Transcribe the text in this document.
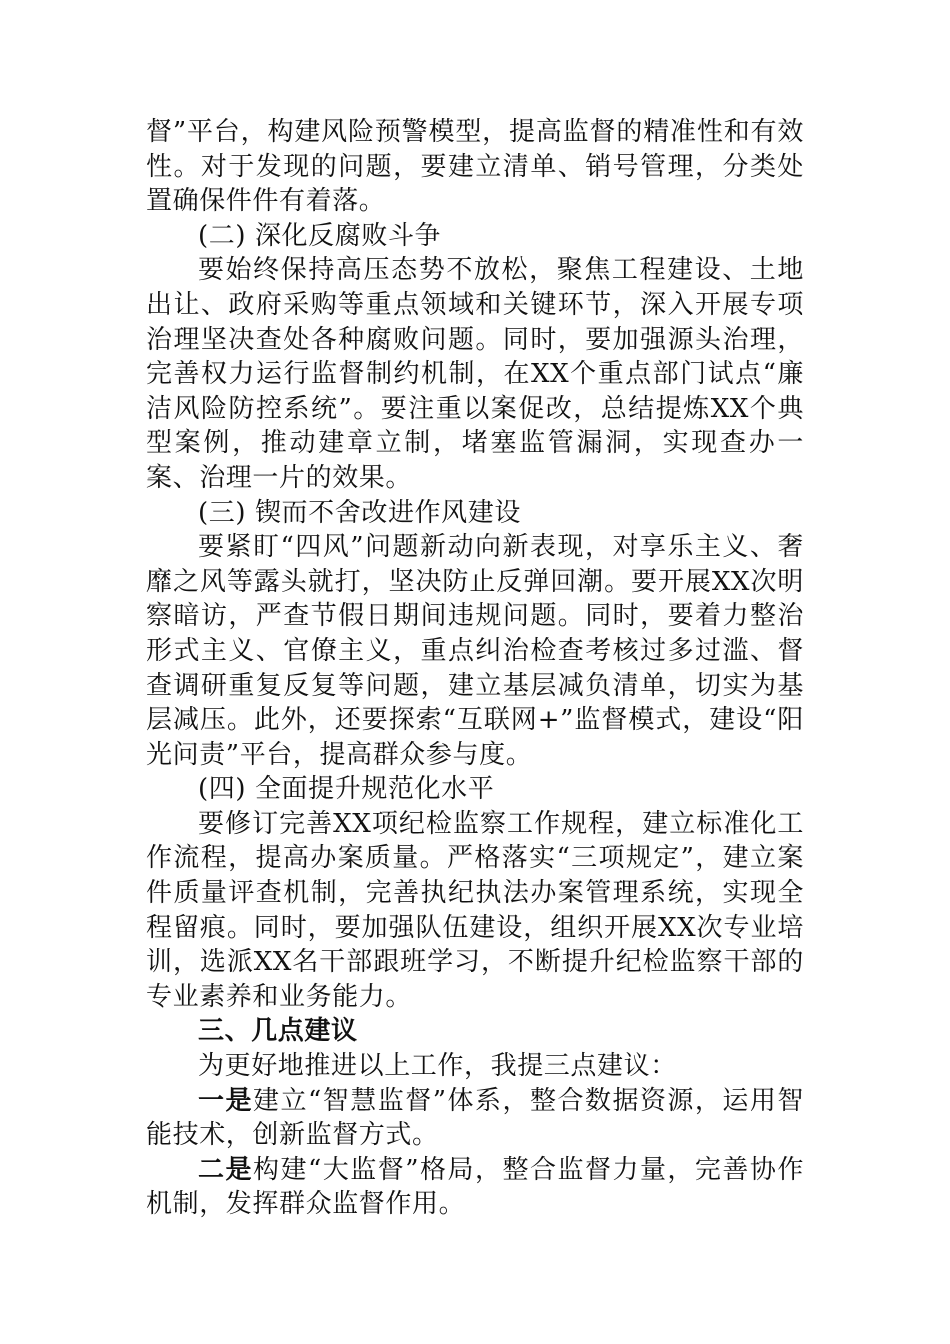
督”平台，构建风险预警模型，提高监督的精准性和有效性。对于发现的问题，要建立清单、销号管理，分类处置确保件件有着落。

(二) 深化反腐败斗争

要始终保持高压态势不放松，聚焦工程建设、土地出让、政府采购等重点领域和关键环节，深入开展专项治理坚决查处各种腐败问题。同时，要加强源头治理，完善权力运行监督制约机制，在XX个重点部门试点“廉洁风险防控系统”。要注重以案促改，总结提炼XX个典型案例，推动建章立制，堵塞监管漏洞，实现查办一案、治理一片的效果。

(三) 锲而不舍改进作风建设

要紧盯“四风”问题新动向新表现，对享乐主义、奢靡之风等露头就打，坚决防止反弹回潮。要开展XX次明察暗访，严查节假日期间违规问题。同时，要着力整治形式主义、官僚主义，重点纠治检查考核过多过滥、督查调研重复反复等问题，建立基层减负清单，切实为基层减压。此外，还要探索“互联网+”监督模式，建设“阳光问责”平台，提高群众参与度。

(四) 全面提升规范化水平

要修订完善XX项纪检监察工作规程，建立标准化工作流程，提高办案质量。严格落实“三项规定”，建立案件质量评查机制，完善执纪执法办案管理系统，实现全程留痕。同时，要加强队伍建设，组织开展XX次专业培训，选派XX名干部跟班学习，不断提升纪检监察干部的专业素养和业务能力。

三、几点建议

为更好地推进以上工作，我提三点建议：

一是建立“智慧监督”体系，整合数据资源，运用智能技术，创新监督方式。

二是构建“大监督”格局，整合监督力量，完善协作机制，发挥群众监督作用。
